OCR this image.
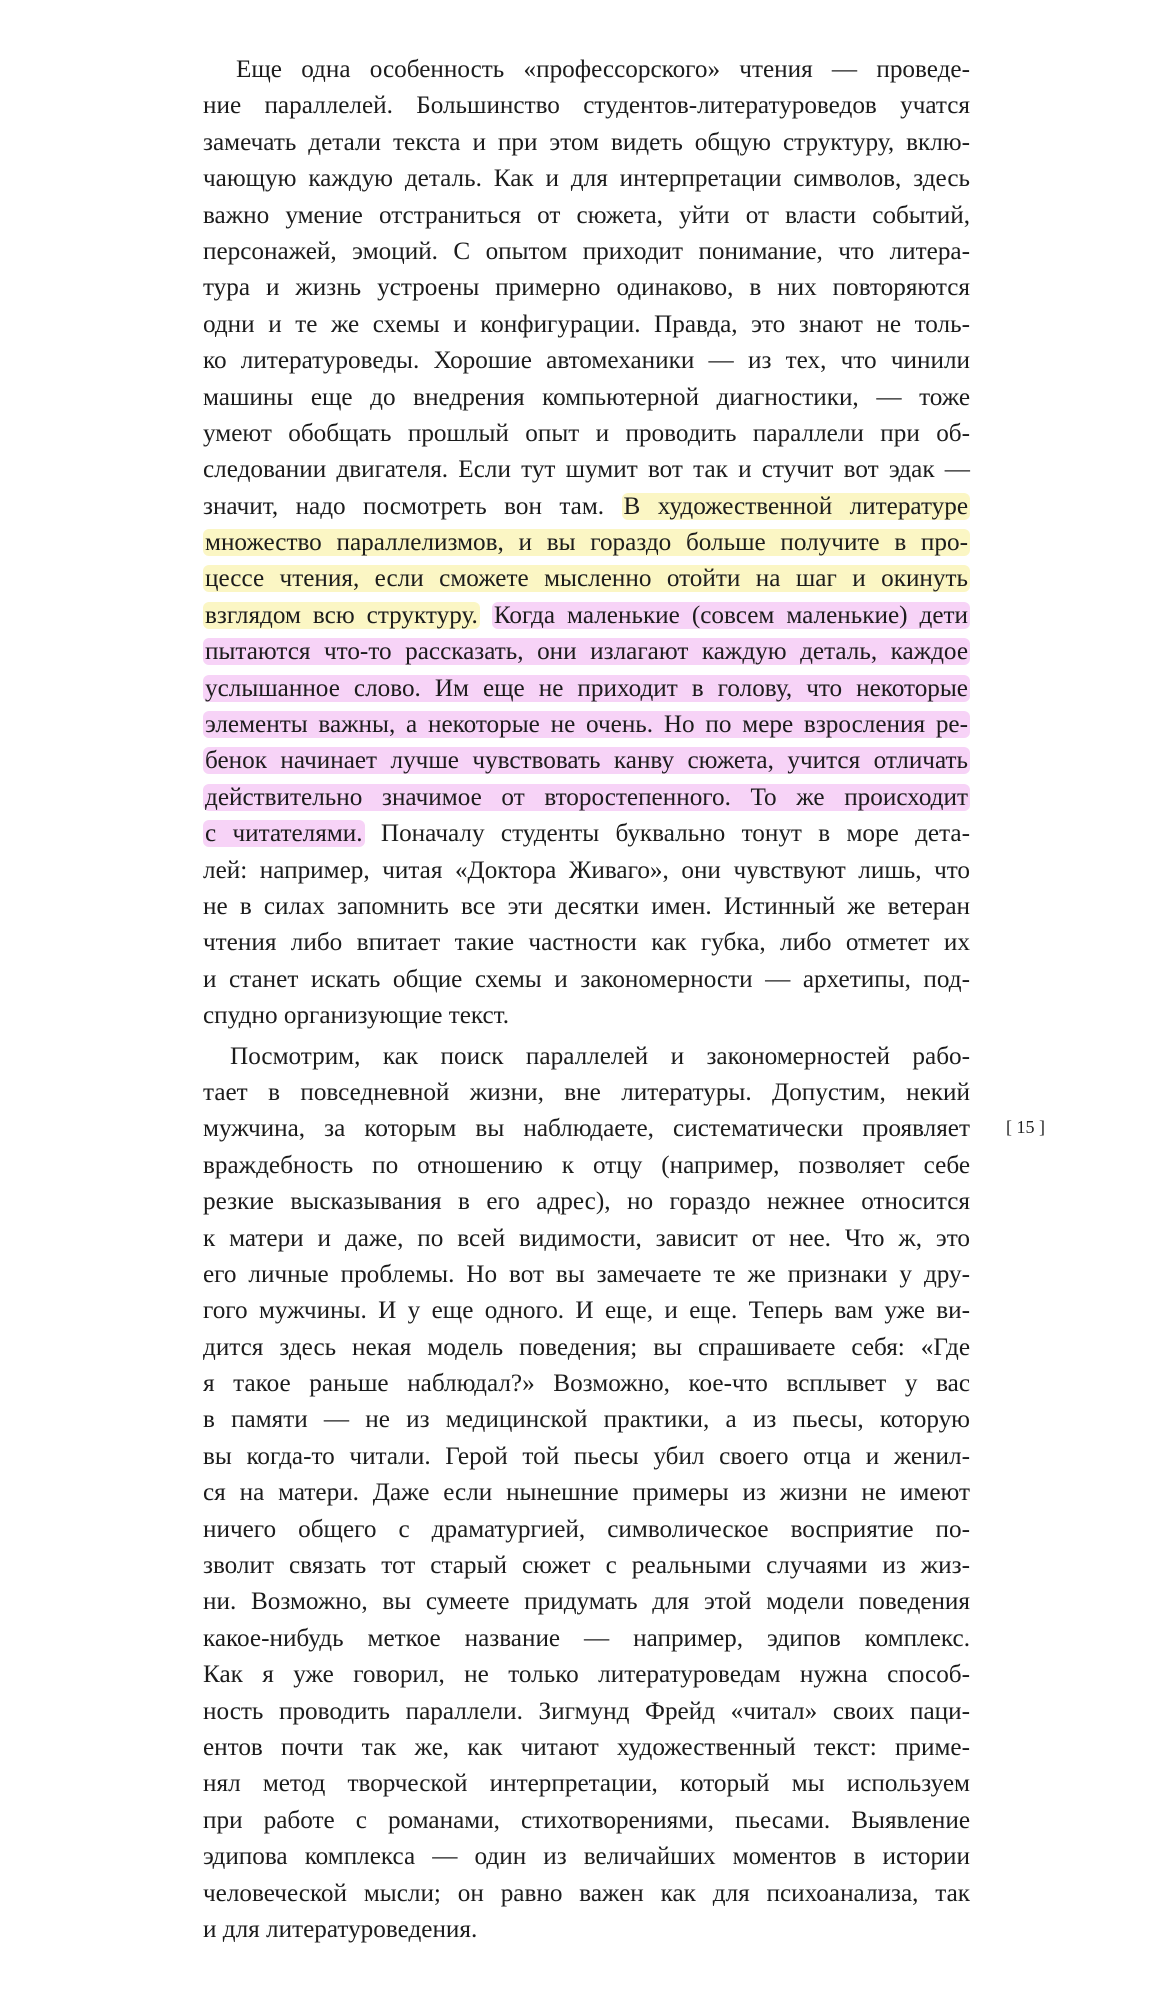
Еще одна особенность «профессорского» чтения — проведе-
ние параллелей. Большинство студентов-литературоведов учатся
замечать детали текста и при этом видеть общую структуру, вклю-
чающую каждую деталь. Как и для интерпретации символов, здесь
важно умение отстраниться от сюжета, уйти от власти событий,
персонажей, эмоций. С опытом приходит понимание, что литера-
тура и жизнь устроены примерно одинаково, в них повторяются
одни и те же схемы и конфигурации. Правда, это знают не толь-
ко литературоведы. Хорошие автомеханики — из тех, что чинили
машины еще до внедрения компьютерной диагностики, — тоже
умеют обобщать прошлый опыт и проводить параллели при об-
следовании двигателя. Если тут шумит вот так и стучит вот эдак —
значит, надо посмотреть вон там. В художественной литературе
множество параллелизмов, и вы гораздо больше получите в про-
цессе чтения, если сможете мысленно отойти на шаг и окинуть
взглядом всю структуру. Когда маленькие (совсем маленькие) дети
пытаются что-то рассказать, они излагают каждую деталь, каждое
услышанное слово. Им еще не приходит в голову, что некоторые
элементы важны, а некоторые не очень. Но по мере взросления ре-
бенок начинает лучше чувствовать канву сюжета, учится отличать
действительно значимое от второстепенного. То же происходит
с читателями. Поначалу студенты буквально тонут в море дета-
лей: например, читая «Доктора Живаго», они чувствуют лишь, что
не в силах запомнить все эти десятки имен. Истинный же ветеран
чтения либо впитает такие частности как губка, либо отметет их
и станет искать общие схемы и закономерности — архетипы, под-
спудно организующие текст.
Посмотрим, как поиск параллелей и закономерностей рабо-
тает в повседневной жизни, вне литературы. Допустим, некий
мужчина, за которым вы наблюдаете, систематически проявляет
враждебность по отношению к отцу (например, позволяет себе
резкие высказывания в его адрес), но гораздо нежнее относится
к матери и даже, по всей видимости, зависит от нее. Что ж, это
его личные проблемы. Но вот вы замечаете те же признаки у дру-
гого мужчины. И у еще одного. И еще, и еще. Теперь вам уже ви-
дится здесь некая модель поведения; вы спрашиваете себя: «Где
я такое раньше наблюдал?» Возможно, кое-что всплывет у вас
в памяти — не из медицинской практики, а из пьесы, которую
вы когда-то читали. Герой той пьесы убил своего отца и женил-
ся на матери. Даже если нынешние примеры из жизни не имеют
ничего общего с драматургией, символическое восприятие по-
зволит связать тот старый сюжет с реальными случаями из жиз-
ни. Возможно, вы сумеете придумать для этой модели поведения
какое-нибудь меткое название — например, эдипов комплекс.
Как я уже говорил, не только литературоведам нужна способ-
ность проводить параллели. Зигмунд Фрейд «читал» своих паци-
ентов почти так же, как читают художественный текст: приме-
нял метод творческой интерпретации, который мы используем
при работе с романами, стихотворениями, пьесами. Выявление
эдипова комплекса — один из величайших моментов в истории
человеческой мысли; он равно важен как для психоанализа, так
и для литературоведения.
[ 15 ]
